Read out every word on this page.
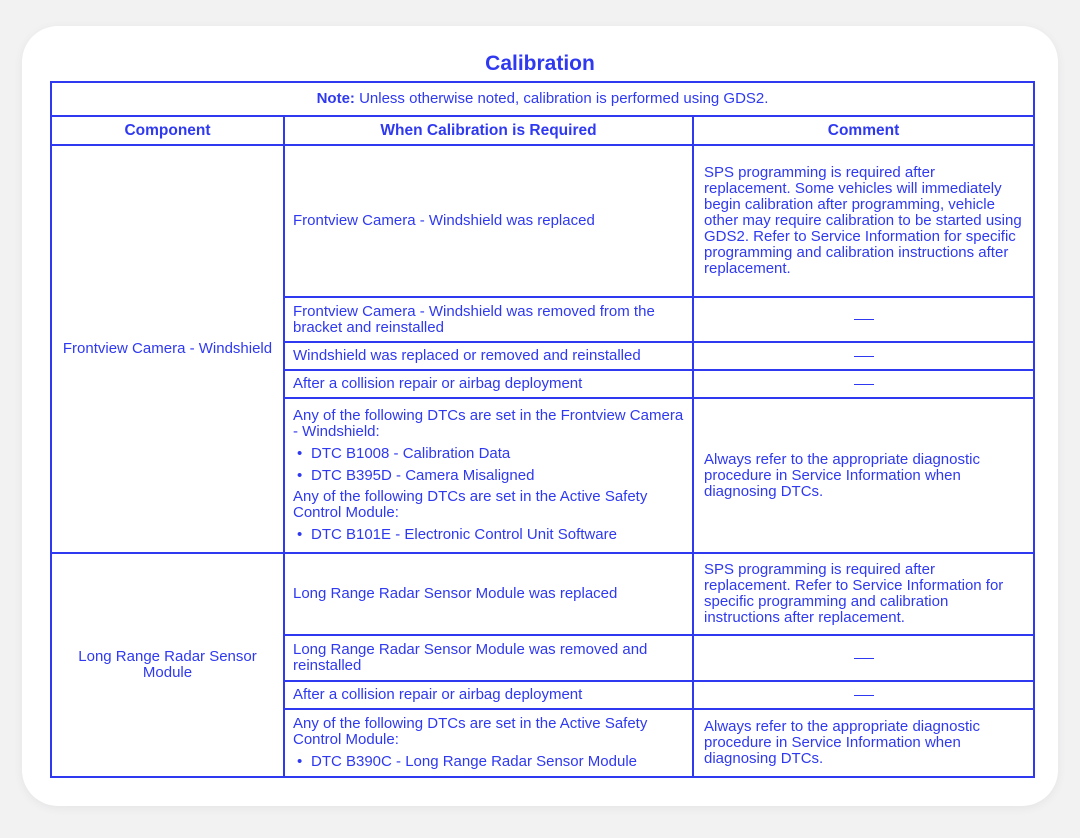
Calibration
Note: Unless otherwise noted, calibration is performed using GDS2.		
Component	When Calibration is Required	Comment
Frontview Camera - Windshield	Frontview Camera - Windshield was replaced	SPS programming is required after replacement. Some vehicles will immediately begin calibration after programming, vehicle other may require calibration to be started using GDS2. Refer to Service Information for specific programming and calibration instructions after replacement.
	Frontview Camera - Windshield was removed from the bracket and reinstalled	
	Windshield was replaced or removed and reinstalled	
	After a collision repair or airbag deployment	

	Any of the following DTCs are set in the Frontview Camera - Windshield:
• DTC B1008 - Calibration Data
• DTC B395D - Camera Misaligned
Any of the following DTCs are set in the Active Safety Control Module:
• DTC B101E - Electronic Control Unit Software	Always refer to the appropriate diagnostic procedure in Service Information when diagnosing DTCs.
Long Range Radar Sensor Module	Long Range Radar Sensor Module was replaced	SPS programming is required after replacement. Refer to Service Information for specific programming and calibration instructions after replacement.
	Long Range Radar Sensor Module was removed and reinstalled	
	After a collision repair or airbag deployment	

	Any of the following DTCs are set in the Active Safety Control Module:
• DTC B390C - Long Range Radar Sensor Module	Always refer to the appropriate diagnostic procedure in Service Information when diagnosing DTCs.
